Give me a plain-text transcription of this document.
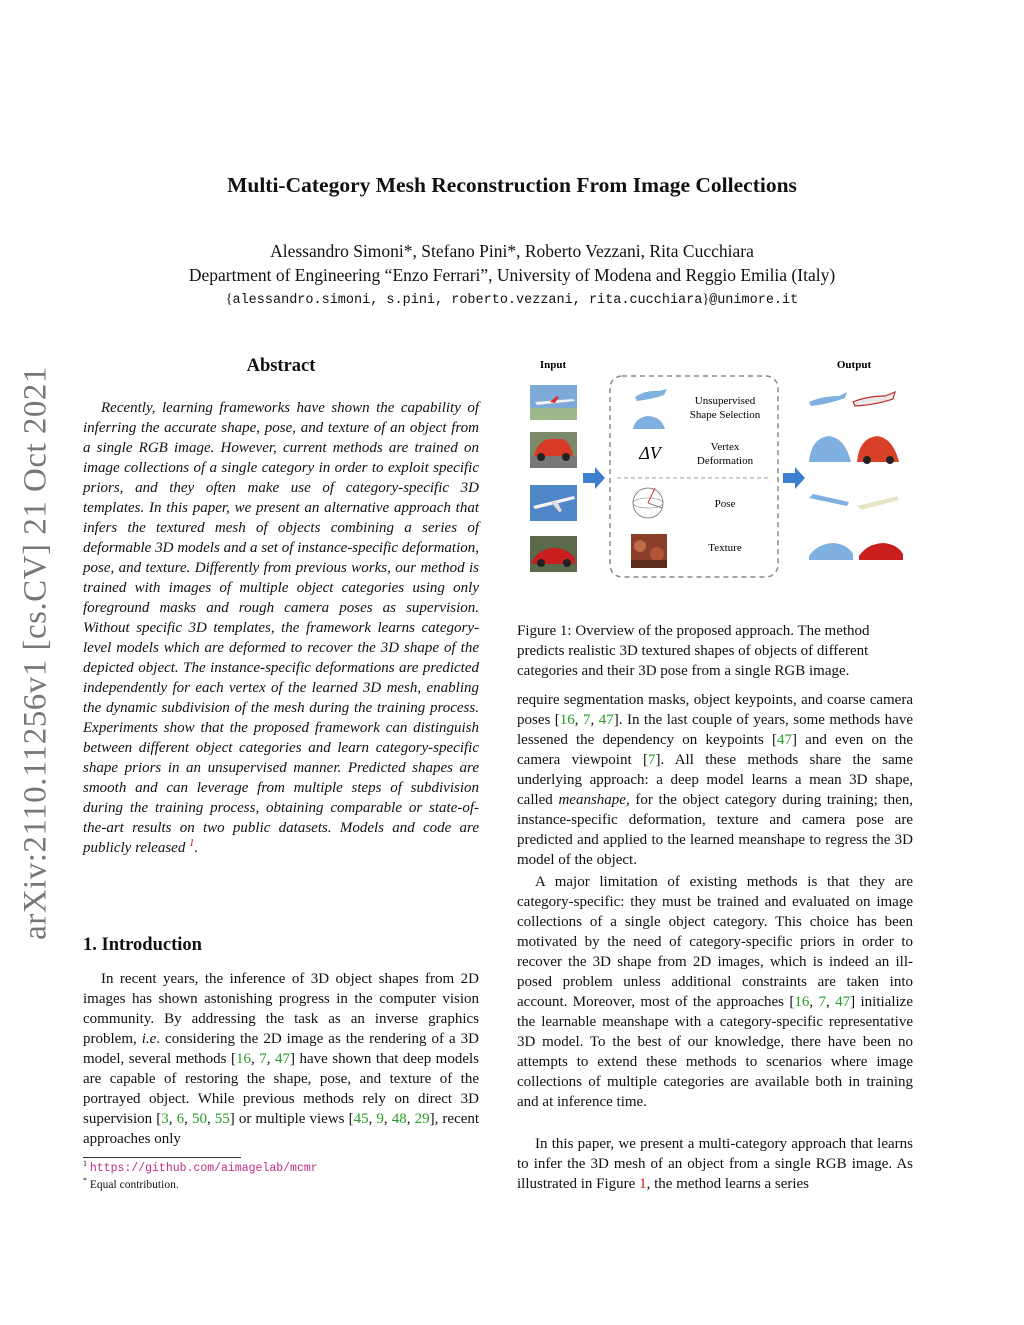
arXiv:2110.11256v1 [cs.CV] 21 Oct 2021
Multi-Category Mesh Reconstruction From Image Collections
Alessandro Simoni*, Stefano Pini*, Roberto Vezzani, Rita Cucchiara
Department of Engineering “Enzo Ferrari”, University of Modena and Reggio Emilia (Italy)
{alessandro.simoni, s.pini, roberto.vezzani, rita.cucchiara}@unimore.it
Abstract

Recently, learning frameworks have shown the capability of inferring the accurate shape, pose, and texture of an object from a single RGB image. However, current methods are trained on image collections of a single category in order to exploit specific priors, and they often make use of category-specific 3D templates. In this paper, we present an alternative approach that infers the textured mesh of objects combining a series of deformable 3D models and a set of instance-specific deformation, pose, and texture. Differently from previous works, our method is trained with images of multiple object categories using only foreground masks and rough camera poses as supervision. Without specific 3D templates, the framework learns category-level models which are deformed to recover the 3D shape of the depicted object. The instance-specific deformations are predicted independently for each vertex of the learned 3D mesh, enabling the dynamic subdivision of the mesh during the training process. Experiments show that the proposed framework can distinguish between different object categories and learn category-specific shape priors in an unsupervised manner. Predicted shapes are smooth and can leverage from multiple steps of subdivision during the training process, obtaining comparable or state-of-the-art results on two public datasets. Models and code are publicly released $^1$.

1. Introduction

In recent years, the inference of 3D object shapes from 2D images has shown astonishing progress in the computer vision community. By addressing the task as an inverse graphics problem, i.e. considering the 2D image as the rendering of a 3D model, several methods [16, 7, 47] have shown that deep models are capable of restoring the shape, pose, and texture of the portrayed object. While previous methods rely on direct 3D supervision [3, 6, 50, 55] or multiple views [45, 9, 48, 29], recent approaches only

$^1$ https://github.com/aimagelab/mcmr
* Equal contribution.
Input	Output
Unsupervised
Shape Selection
ΔV	Vertex
Deformation
Pose
Texture

Figure 1: Overview of the proposed approach. The method predicts realistic 3D textured shapes of objects of different categories and their 3D pose from a single RGB image.

require segmentation masks, object keypoints, and coarse camera poses [16, 7, 47]. In the last couple of years, some methods have lessened the dependency on keypoints [47] and even on the camera viewpoint [7]. All these methods share the same underlying approach: a deep model learns a mean 3D shape, called meanshape, for the object category during training; then, instance-specific deformation, texture and camera pose are predicted and applied to the learned meanshape to regress the 3D model of the object.

A major limitation of existing methods is that they are category-specific: they must be trained and evaluated on image collections of a single object category. This choice has been motivated by the need of category-specific priors in order to recover the 3D shape from 2D images, which is indeed an ill-posed problem unless additional constraints are taken into account. Moreover, most of the approaches [16, 7, 47] initialize the learnable meanshape with a category-specific representative 3D model. To the best of our knowledge, there have been no attempts to extend these methods to scenarios where image collections of multiple categories are available both in training and at inference time.

In this paper, we present a multi-category approach that learns to infer the 3D mesh of an object from a single RGB image. As illustrated in Figure 1, the method learns a series
